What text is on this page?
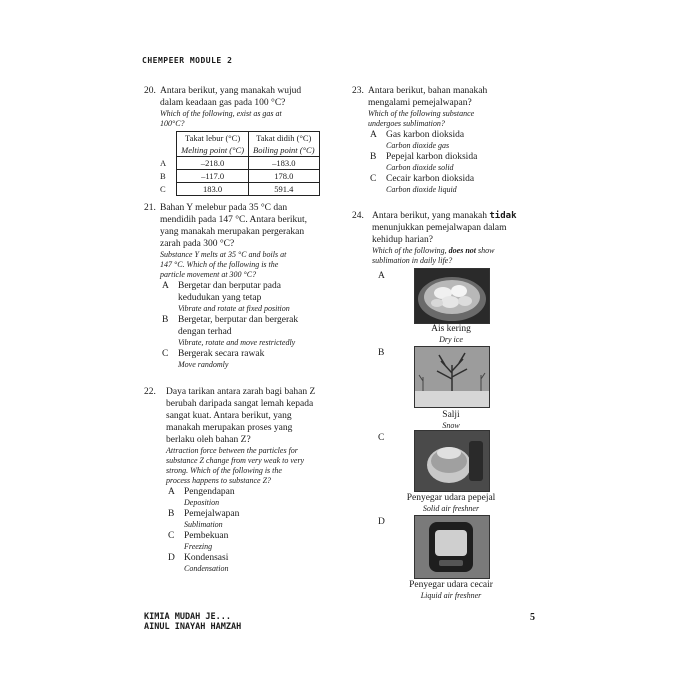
CHEMPEER MODULE 2
20. Antara berikut, yang manakah wujud
dalam keadaan gas pada 100 °C?
Which of the following, exist as gas at
100°C?
	Takat lebur (°C)	Takat didih (°C)
	Melting point (°C)	Boiling point (°C)
A	–218.0	–183.0
B	–117.0	178.0
C	183.0	591.4
21. Bahan Y melebur pada 35 °C dan
mendidih pada 147 °C. Antara berikut,
yang manakah merupakan pergerakan
zarah pada 300 °C?
Substance Y melts at 35 °C and boils at
147 °C. Which of the following is the
particle movement at 300 °C?
A Bergetar dan berputar pada
kedudukan yang tetap
Vibrate and rotate at fixed position
B Bergetar, berputar dan bergerak
dengan terhad
Vibrate, rotate and move restrictedly
C Bergerak secara rawak
Move randomly
22. Daya tarikan antara zarah bagi bahan Z
berubah daripada sangat lemah kepada
sangat kuat. Antara berikut, yang
manakah merupakan proses yang
berlaku oleh bahan Z?
Attraction force between the particles for
substance Z change from very weak to very
strong. Which of the following is the
process happens to substance Z?
A Pengendapan
Deposition
B Pemejalwapan
Sublimation
C Pembekuan
Freezing
D Kondensasi
Condensation
23. Antara berikut, bahan manakah
mengalami pemejalwapan?
Which of the following substance
undergoes sublimation?
A Gas karbon dioksida
Carbon dioxide gas
B Pepejal karbon dioksida
Carbon dioxide solid
C Cecair karbon dioksida
Carbon dioxide liquid
24. Antara berikut, yang manakah tidak
menunjukkan pemejalwapan dalam
kehidup harian?
Which of the following, does not show
sublimation in daily life?
A
B
C
D
Ais kering
Dry ice
Salji
Snow
Penyegar udara pepejal
Solid air freshner
Penyegar udara cecair
Liquid air freshner
KIMIA MUDAH JE...
AINUL INAYAH HAMZAH
5
